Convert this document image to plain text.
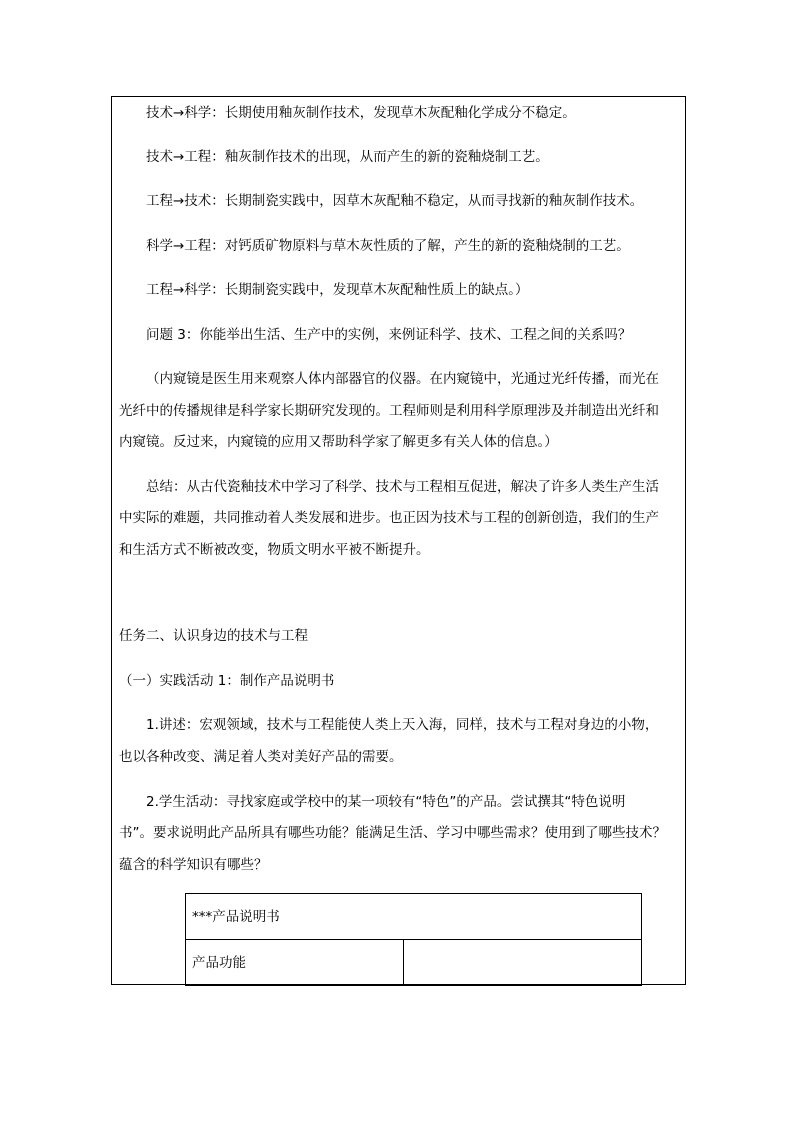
技术→科学：长期使用釉灰制作技术，发现草木灰配釉化学成分不稳定。
技术→工程：釉灰制作技术的出现，从而产生的新的瓷釉烧制工艺。
工程→技术：长期制瓷实践中，因草木灰配釉不稳定，从而寻找新的釉灰制作技术。
科学→工程：对钙质矿物原料与草木灰性质的了解，产生的新的瓷釉烧制的工艺。
工程→科学：长期制瓷实践中，发现草木灰配釉性质上的缺点。）
问题 3：你能举出生活、生产中的实例，来例证科学、技术、工程之间的关系吗？
（内窥镜是医生用来观察人体内部器官的仪器。在内窥镜中，光通过光纤传播，而光在
光纤中的传播规律是科学家长期研究发现的。工程师则是利用科学原理涉及并制造出光纤和
内窥镜。反过来，内窥镜的应用又帮助科学家了解更多有关人体的信息。）
总结：从古代瓷釉技术中学习了科学、技术与工程相互促进，解决了许多人类生产生活
中实际的难题，共同推动着人类发展和进步。也正因为技术与工程的创新创造，我们的生产
和生活方式不断被改变，物质文明水平被不断提升。
任务二、认识身边的技术与工程
（一）实践活动 1：制作产品说明书
1.讲述：宏观领域，技术与工程能使人类上天入海，同样，技术与工程对身边的小物，
也以各种改变、满足着人类对美好产品的需要。
2.学生活动：寻找家庭或学校中的某一项较有“特色”的产品。尝试撰其“特色说明
书”。要求说明此产品所具有哪些功能？能满足生活、学习中哪些需求？使用到了哪些技术？
蕴含的科学知识有哪些？
***产品说明书
产品功能	
